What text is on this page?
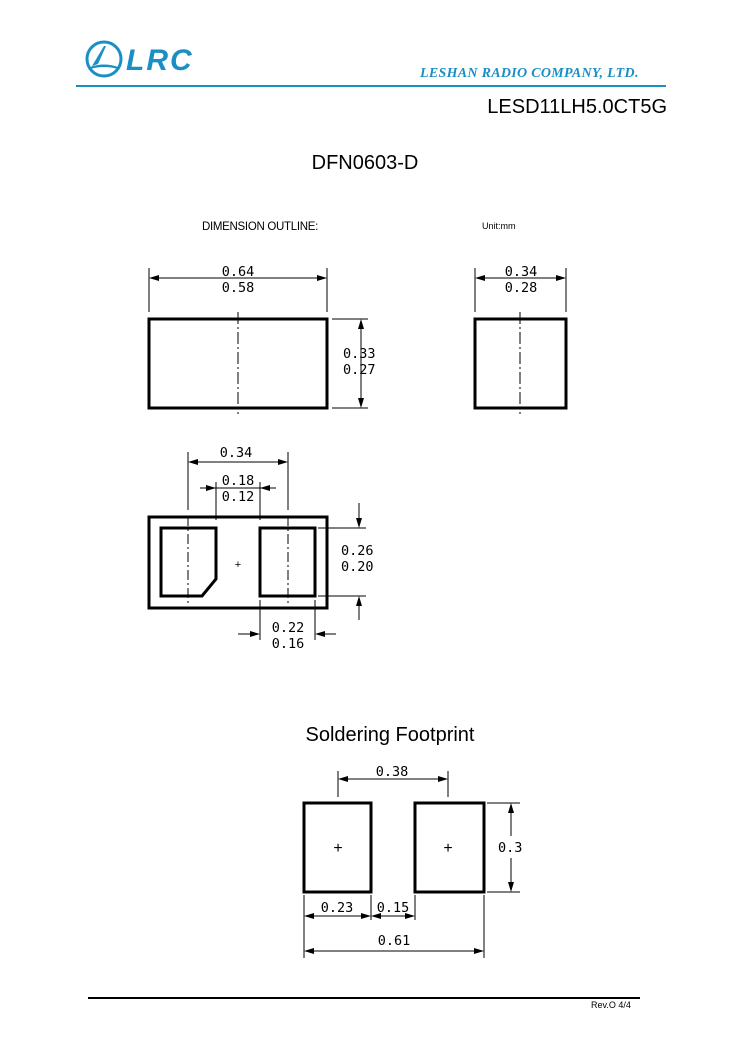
LRC	LESHAN RADIO COMPANY, LTD.
LESD11LH5.0CT5G
DFN0603-D
DIMENSION OUTLINE:	Unit:mm
Soldering Footprint
0.64
0.58
0.33
0.27
0.34
0.28
+
0.34
0.18
0.12
0.26
0.20
0.22
0.16
+	+
0.38
0.3
0.23 0.15
0.61
Rev.O 4/4
